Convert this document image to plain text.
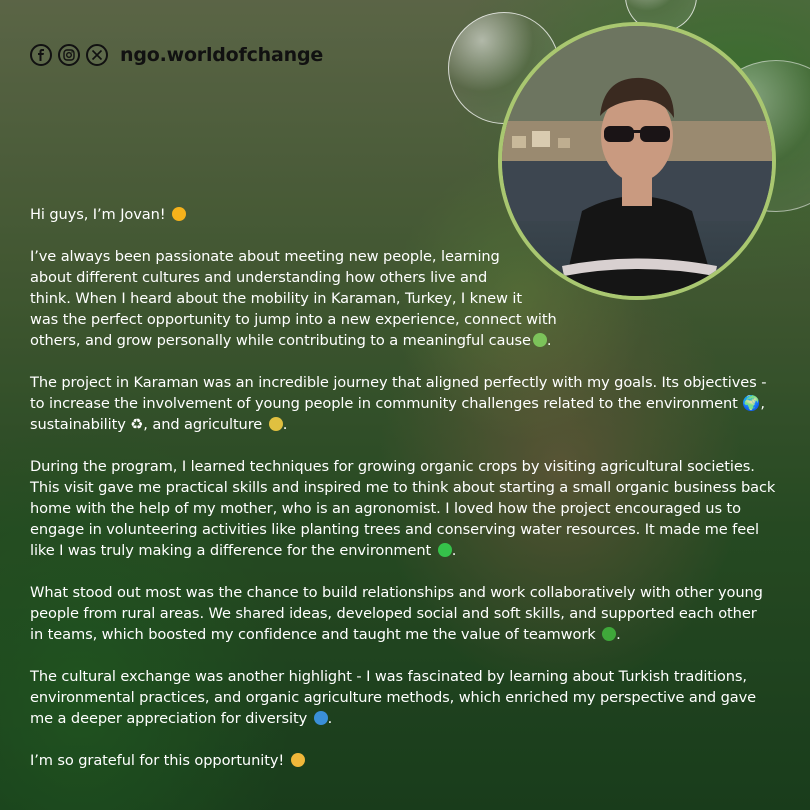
ngo.worldofchange

Hi guys, I’m Jovan!

I’ve always been passionate about meeting new people, learning
about different cultures and understanding how others live and
think. When I heard about the mobility in Karaman, Turkey, I knew it
was the perfect opportunity to jump into a new experience, connect with
others, and grow personally while contributing to a meaningful cause .

The project in Karaman was an incredible journey that aligned perfectly with my goals. Its objectives -
to increase the involvement of young people in community challenges related to the environment 🌍,
sustainability ♻, and agriculture .

During the program, I learned techniques for growing organic crops by visiting agricultural societies.
This visit gave me practical skills and inspired me to think about starting a small organic business back
home with the help of my mother, who is an agronomist. I loved how the project encouraged us to
engage in volunteering activities like planting trees and conserving water resources. It made me feel
like I was truly making a difference for the environment .

What stood out most was the chance to build relationships and work collaboratively with other young
people from rural areas. We shared ideas, developed social and soft skills, and supported each other
in teams, which boosted my confidence and taught me the value of teamwork .

The cultural exchange was another highlight - I was fascinated by learning about Turkish traditions,
environmental practices, and organic agriculture methods, which enriched my perspective and gave
me a deeper appreciation for diversity .

I’m so grateful for this opportunity!
